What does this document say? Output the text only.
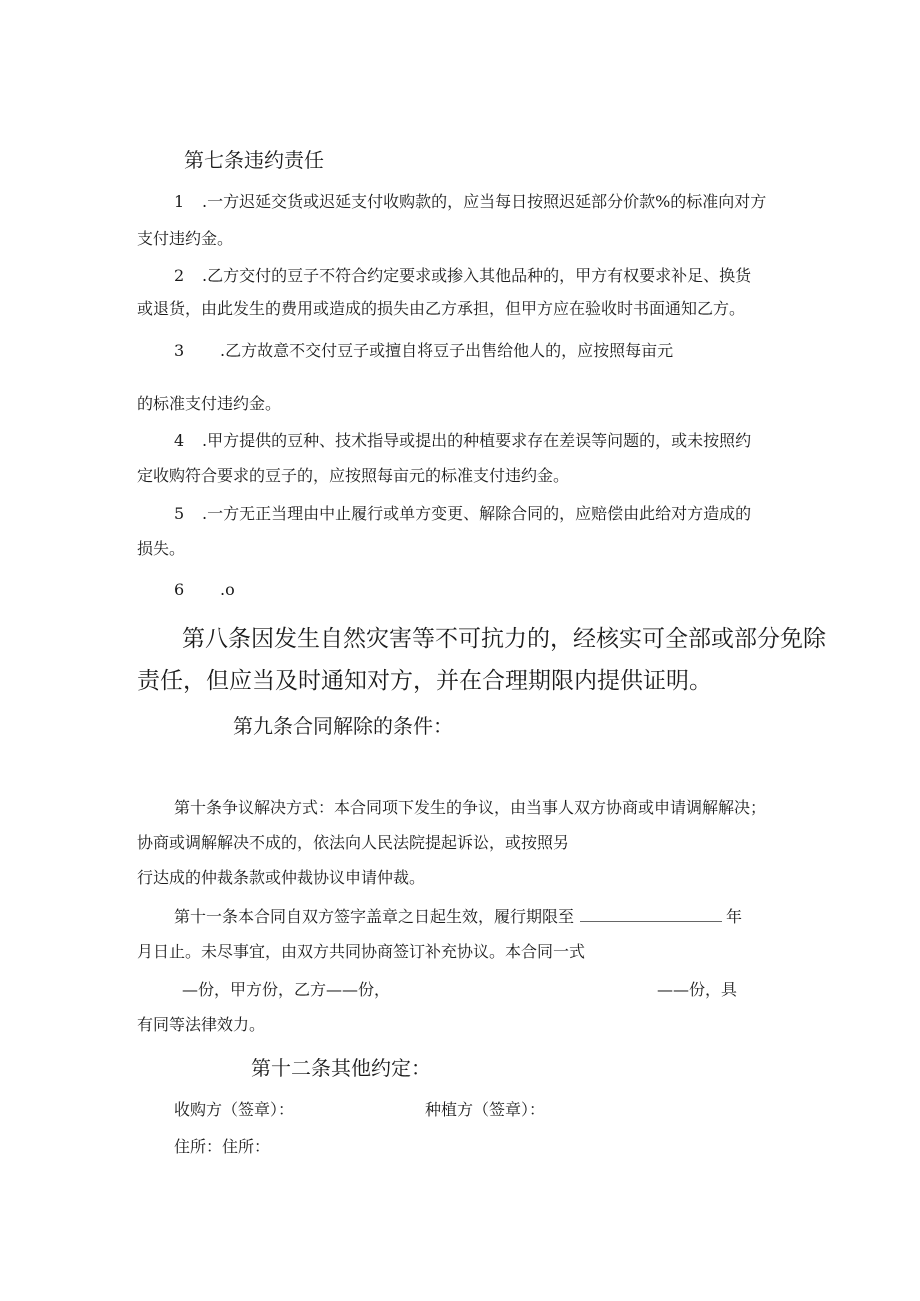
第七条违约责任
1 .一方迟延交货或迟延支付收购款的，应当每日按照迟延部分价款%的标准向对方
支付违约金。
2 .乙方交付的豆子不符合约定要求或掺入其他品种的，甲方有权要求补足、换货
或退货，由此发生的费用或造成的损失由乙方承担，但甲方应在验收时书面通知乙方。
3 .乙方故意不交付豆子或擅自将豆子出售给他人的，应按照每亩元
的标准支付违约金。
4 .甲方提供的豆种、技术指导或提出的种植要求存在差误等问题的，或未按照约
定收购符合要求的豆子的，应按照每亩元的标准支付违约金。
5 .一方无正当理由中止履行或单方变更、解除合同的，应赔偿由此给对方造成的
损失。
6 .o
第八条因发生自然灾害等不可抗力的，经核实可全部或部分免除
责任，但应当及时通知对方，并在合理期限内提供证明。
第九条合同解除的条件：
第十条争议解决方式：本合同项下发生的争议，由当事人双方协商或申请调解解决；
协商或调解解决不成的，依法向人民法院提起诉讼，或按照另
行达成的仲裁条款或仲裁协议申请仲裁。
第十一条本合同自双方签字盖章之日起生效，履行期限至	年
月日止。未尽事宜，由双方共同协商签订补充协议。本合同一式
—份，甲方份，乙方——份，	——份，具
有同等法律效力。
第十二条其他约定：
收购方（签章）：	种植方（签章）：
住所：住所：
